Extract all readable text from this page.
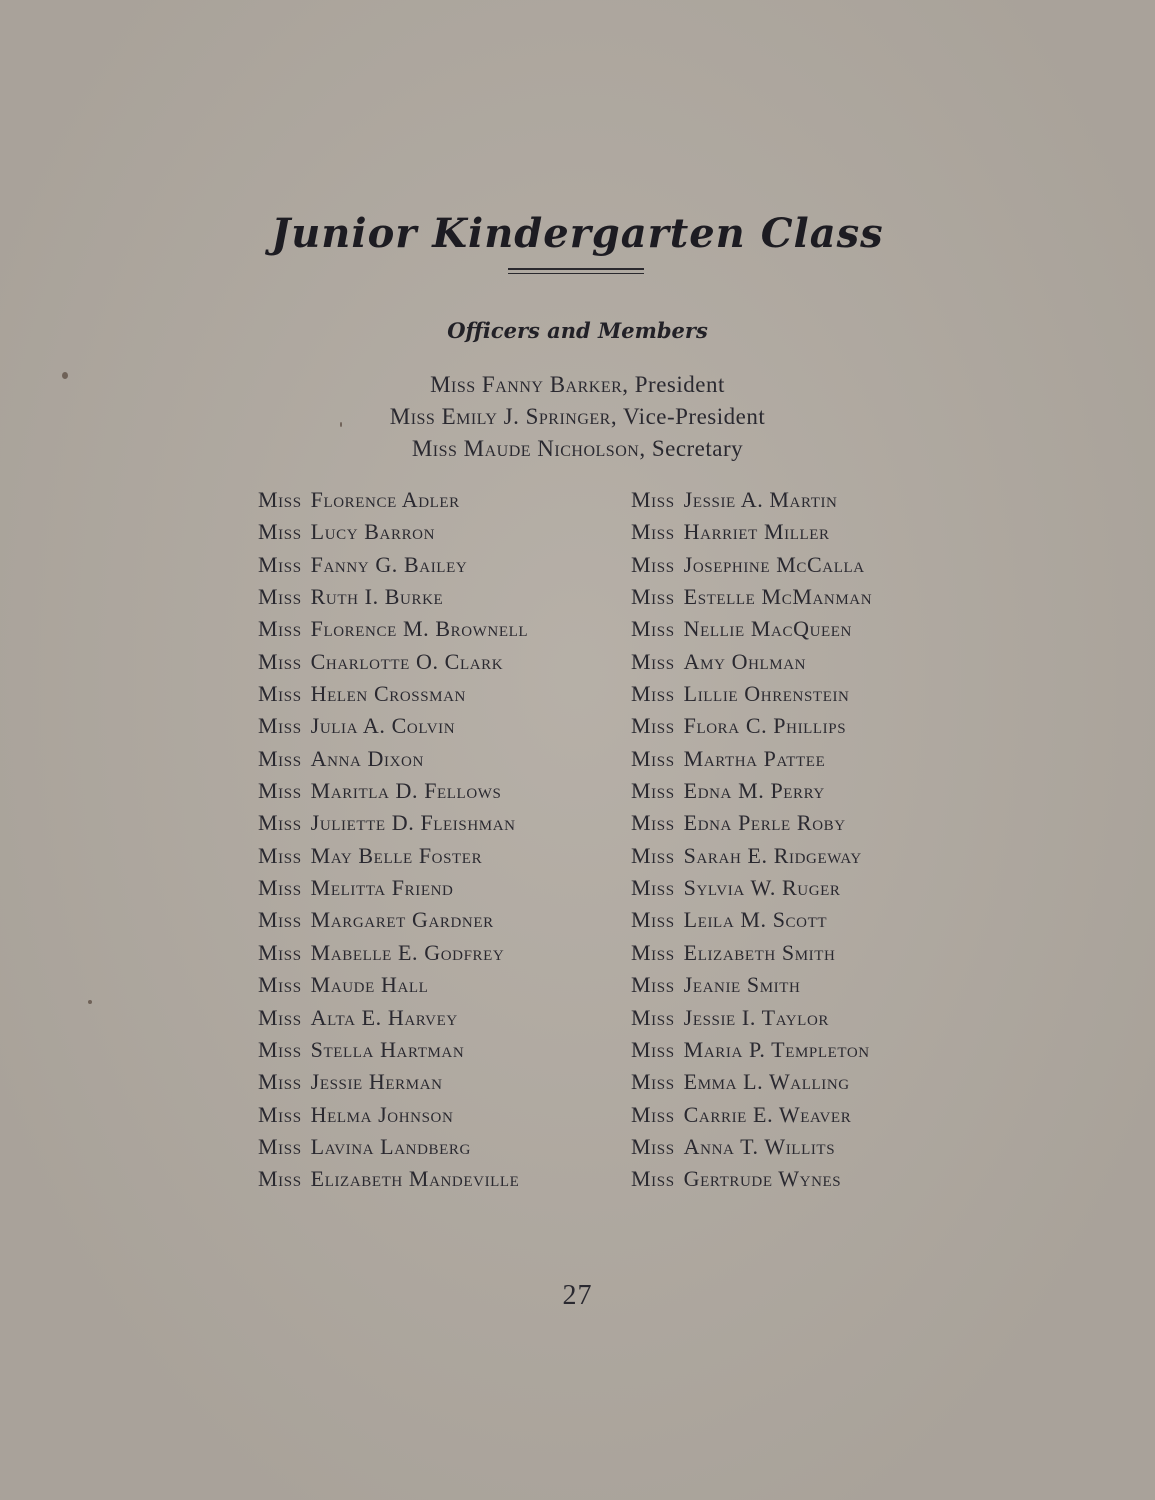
Junior Kindergarten Class
Officers and Members
Miss Fanny Barker, President
Miss Emily J. Springer, Vice-President
Miss Maude Nicholson, Secretary
Miss Florence Adler
Miss Lucy Barron
Miss Fanny G. Bailey
Miss Ruth I. Burke
Miss Florence M. Brownell
Miss Charlotte O. Clark
Miss Helen Crossman
Miss Julia A. Colvin
Miss Anna Dixon
Miss Maritla D. Fellows
Miss Juliette D. Fleishman
Miss May Belle Foster
Miss Melitta Friend
Miss Margaret Gardner
Miss Mabelle E. Godfrey
Miss Maude Hall
Miss Alta E. Harvey
Miss Stella Hartman
Miss Jessie Herman
Miss Helma Johnson
Miss Lavina Landberg
Miss Elizabeth Mandeville
Miss Jessie A. Martin
Miss Harriet Miller
Miss Josephine McCalla
Miss Estelle McManman
Miss Nellie MacQueen
Miss Amy Ohlman
Miss Lillie Ohrenstein
Miss Flora C. Phillips
Miss Martha Pattee
Miss Edna M. Perry
Miss Edna Perle Roby
Miss Sarah E. Ridgeway
Miss Sylvia W. Ruger
Miss Leila M. Scott
Miss Elizabeth Smith
Miss Jeanie Smith
Miss Jessie I. Taylor
Miss Maria P. Templeton
Miss Emma L. Walling
Miss Carrie E. Weaver
Miss Anna T. Willits
Miss Gertrude Wynes
27
